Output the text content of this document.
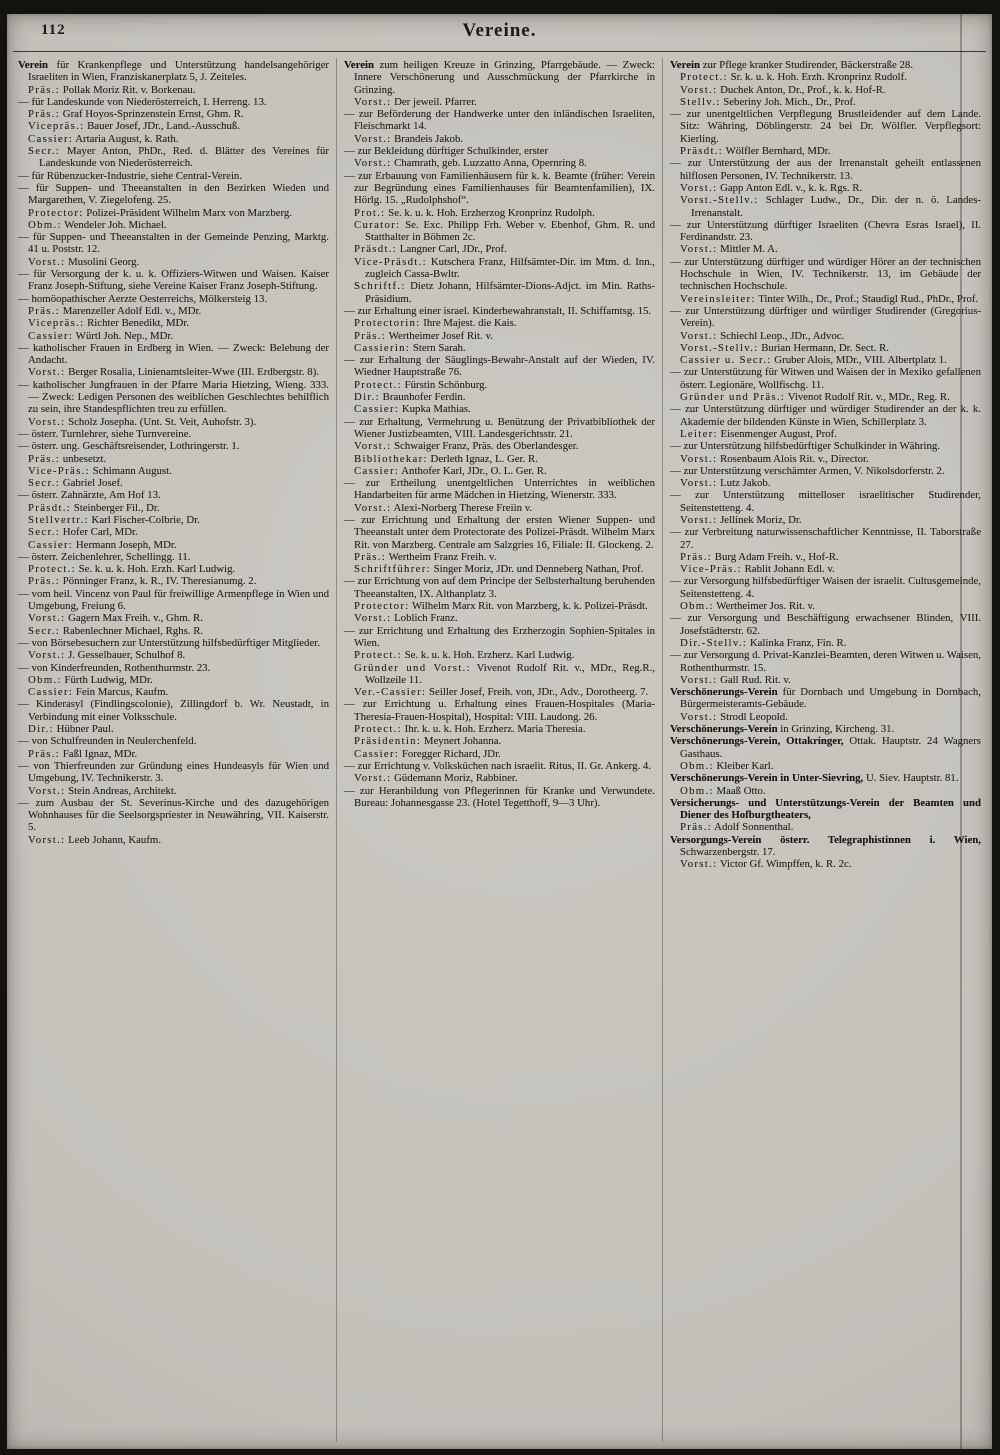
112	Vereine.

Verein für Krankenpflege und Unterstützung handelsangehöriger Israeliten in Wien, Franziskanerplatz 5, J. Zeiteles.

Präs.: Pollak Moriz Rit. v. Borkenau.

— für Landeskunde von Niederösterreich, I. Herreng. 13.

Präs.: Graf Hoyos-Sprinzenstein Ernst, Ghm. R.

Vicepräs.: Bauer Josef, JDr., Land.-Ausschuß.

Cassier: Artaria August, k. Rath.

Secr.: Mayer Anton, PhDr., Red. d. Blätter des Vereines für Landeskunde von Niederösterreich.

— für Rübenzucker-Industrie, siehe Central-Verein.

— für Suppen- und Theeanstalten in den Bezirken Wieden und Margarethen, V. Ziegelofeng. 25.

Protector: Polizei-Präsident Wilhelm Marx von Marzberg.

Obm.: Wendeler Joh. Michael.

— für Suppen- und Theeanstalten in der Gemeinde Penzing, Marktg. 41 u. Poststr. 12.

Vorst.: Musolini Georg.

— für Versorgung der k. u. k. Offiziers-Witwen und Waisen. Kaiser Franz Joseph-Stiftung, siehe Vereine Kaiser Franz Joseph-Stiftung.

— homöopathischer Aerzte Oesterreichs, Mölkersteig 13.

Präs.: Marenzeller Adolf Edl. v., MDr.

Vicepräs.: Richter Benedikt, MDr.

Cassier: Würtl Joh. Nep., MDr.

— katholischer Frauen in Erdberg in Wien. — Zweck: Belebung der Andacht.

Vorst.: Berger Rosalia, Linienamtsleiter-Wwe (III. Erdbergstr. 8).

— katholischer Jungfrauen in der Pfarre Maria Hietzing, Wieng. 333. — Zweck: Ledigen Personen des weiblichen Geschlechtes behilflich zu sein, ihre Standespflichten treu zu erfüllen.

Vorst.: Scholz Josepha. (Unt. St. Veit, Auhofstr. 3).

— österr. Turnlehrer, siehe Turnvereine.

— österr. ung. Geschäftsreisender, Lothringerstr. 1.

Präs.: unbesetzt.

Vice-Präs.: Schimann August.

Secr.: Gabriel Josef.

— österr. Zahnärzte, Am Hof 13.

Präsdt.: Steinberger Fil., Dr.

Stellvertr.: Karl Fischer-Colbrie, Dr.

Secr.: Hofer Carl, MDr.

Cassier: Hermann Joseph, MDr.

— österr. Zeichenlehrer, Schellingg. 11.

Protect.: Se. k. u. k. Hoh. Erzh. Karl Ludwig.

Präs.: Pönninger Franz, k. R., IV. Theresianumg. 2.

— vom heil. Vincenz von Paul für freiwillige Armenpflege in Wien und Umgebung, Freiung 6.

Vorst.: Gagern Max Freih. v., Ghm. R.

Secr.: Rabenlechner Michael, Rghs. R.

— von Börsebesuchern zur Unterstützung hilfsbedürftiger Mitglieder.

Vorst.: J. Gesselbauer, Schulhof 8.

— von Kinderfreunden, Rothenthurmstr. 23.

Obm.: Fürth Ludwig, MDr.

Cassier: Fein Marcus, Kaufm.

— Kinderasyl (Findlingscolonie), Zillingdorf b. Wr. Neustadt, in Verbindung mit einer Volksschule.

Dir.: Hübner Paul.

— von Schulfreunden in Neulerchenfeld.

Präs.: Faßl Ignaz, MDr.

— von Thierfreunden zur Gründung eines Hundeasyls für Wien und Umgebung, IV. Technikerstr. 3.

Vorst.: Stein Andreas, Architekt.

— zum Ausbau der St. Severinus-Kirche und des dazugehörigen Wohnhauses für die Seelsorgspriester in Neuwähring, VII. Kaiserstr. 5.

Vorst.: Leeb Johann, Kaufm.

Verein zum heiligen Kreuze in Grinzing, Pfarrgebäude. — Zweck: Innere Verschönerung und Ausschmückung der Pfarrkirche in Grinzing.

Vorst.: Der jeweil. Pfarrer.

— zur Beförderung der Handwerke unter den inländischen Israeliten, Fleischmarkt 14.

Vorst.: Brandeis Jakob.

— zur Bekleidung dürftiger Schulkinder, erster

Vorst.: Chamrath, geb. Luzzatto Anna, Opernring 8.

— zur Erbauung von Familienhäusern für k. k. Beamte (früher: Verein zur Begründung eines Familienhauses für Beamtenfamilien), IX. Hörlg. 15. „Rudolphshof“.

Prot.: Se. k. u. k. Hoh. Erzherzog Kronprinz Rudolph.

Curator: Se. Exc. Philipp Frh. Weber v. Ebenhof, Ghm. R. und Statthalter in Böhmen 2c.

Präsdt.: Langner Carl, JDr., Prof.

Vice-Präsdt.: Kutschera Franz, Hilfsämter-Dir. im Mtm. d. Inn., zugleich Cassa-Bwltr.

Schriftf.: Dietz Johann, Hilfsämter-Dions-Adjct. im Min. Raths-Präsidium.

— zur Erhaltung einer israel. Kinderbewahranstalt, II. Schiffamtsg. 15.

Protectorin: Ihre Majest. die Kais.

Präs.: Wertheimer Josef Rit. v.

Cassierin: Stern Sarah.

— zur Erhaltung der Säuglings-Bewahr-Anstalt auf der Wieden, IV. Wiedner Hauptstraße 76.

Protect.: Fürstin Schönburg.

Dir.: Braunhofer Ferdin.

Cassier: Kupka Mathias.

— zur Erhaltung, Vermehrung u. Benützung der Privatbibliothek der Wiener Justizbeamten, VIII. Landesgerichtsstr. 21.

Vorst.: Schwaiger Franz, Präs. des Oberlandesger.

Bibliothekar: Derleth Ignaz, L. Ger. R.

Cassier: Anthofer Karl, JDr., O. L. Ger. R.

— zur Ertheilung unentgeltlichen Unterrichtes in weiblichen Handarbeiten für arme Mädchen in Hietzing, Wienerstr. 333.

Vorst.: Alexi-Norberg Therese Freiin v.

— zur Errichtung und Erhaltung der ersten Wiener Suppen- und Theeanstalt unter dem Protectorate des Polizei-Präsdt. Wilhelm Marx Rit. von Marzberg. Centrale am Salzgries 16, Filiale: II. Glockeng. 2.

Präs.: Wertheim Franz Freih. v.

Schriftführer: Singer Moriz, JDr. und Denneberg Nathan, Prof.

— zur Errichtung von auf dem Principe der Selbsterhaltung beruhenden Theeanstalten, IX. Althanplatz 3.

Protector: Wilhelm Marx Rit. von Marzberg, k. k. Polizei-Präsdt.

Vorst.: Loblich Franz.

— zur Errichtung und Erhaltung des Erzherzogin Sophien-Spitales in Wien.

Protect.: Se. k. u. k. Hoh. Erzherz. Karl Ludwig.

Gründer und Vorst.: Vivenot Rudolf Rit. v., MDr., Reg.R., Wollzeile 11.

Ver.-Cassier: Seiller Josef, Freih. von, JDr., Adv., Dorotheerg. 7.

— zur Errichtung u. Erhaltung eines Frauen-Hospitales (Maria-Theresia-Frauen-Hospital), Hospital: VIII. Laudong. 26.

Protect.: Ihr. k. u. k. Hoh. Erzherz. Maria Theresia.

Präsidentin: Meynert Johanna.

Cassier: Foregger Richard, JDr.

— zur Errichtung v. Volksküchen nach israelit. Ritus, II. Gr. Ankerg. 4.

Vorst.: Güdemann Moriz, Rabbiner.

— zur Heranbildung von Pflegerinnen für Kranke und Verwundete. Bureau: Johannesgasse 23. (Hotel Tegetthoff, 9—3 Uhr).

Verein zur Pflege kranker Studirender, Bäckerstraße 28.

Protect.: Sr. k. u. k. Hoh. Erzh. Kronprinz Rudolf.

Vorst.: Duchek Anton, Dr., Prof., k. k. Hof-R.

Stellv.: Seberiny Joh. Mich., Dr., Prof.

— zur unentgeltlichen Verpflegung Brustleidender auf dem Lande. Sitz: Währing, Döblingerstr. 24 bei Dr. Wölfler. Verpflegsort: Kierling.

Präsdt.: Wölfler Bernhard, MDr.

— zur Unterstützung der aus der Irrenanstalt geheilt entlassenen hilflosen Personen, IV. Technikerstr. 13.

Vorst.: Gapp Anton Edl. v., k. k. Rgs. R.

Vorst.-Stellv.: Schlager Ludw., Dr., Dir. der n. ö. Landes-Irrenanstalt.

— zur Unterstützung dürftiger Israeliten (Chevra Esras Israel), II. Ferdinandstr. 23.

Vorst.: Mittler M. A.

— zur Unterstützung dürftiger und würdiger Hörer an der technischen Hochschule in Wien, IV. Technikerstr. 13, im Gebäude der technischen Hochschule.

Vereinsleiter: Tinter Wilh., Dr., Prof.; Staudigl Rud., PhDr., Prof.

— zur Unterstützung dürftiger und würdiger Studirender (Gregorius-Verein).

Vorst.: Schiechl Leop., JDr., Advoc.

Vorst.-Stellv.: Burian Hermann, Dr. Sect. R.

Cassier u. Secr.: Gruber Alois, MDr., VIII. Albertplatz 1.

— zur Unterstützung für Witwen und Waisen der in Mexiko gefallenen österr. Legionäre, Wollfischg. 11.

Gründer und Präs.: Vivenot Rudolf Rit. v., MDr., Reg. R.

— zur Unterstützung dürftiger und würdiger Studirender an der k. k. Akademie der bildenden Künste in Wien, Schillerplatz 3.

Leiter: Eisenmenger August, Prof.

— zur Unterstützung hilfsbedürftiger Schulkinder in Währing.

Vorst.: Rosenbaum Alois Rit. v., Director.

— zur Unterstützung verschämter Armen, V. Nikolsdorferstr. 2.

Vorst.: Lutz Jakob.

— zur Unterstützung mittelloser israelitischer Studirender, Seitenstetteng. 4.

Vorst.: Jellinek Moriz, Dr.

— zur Verbreitung naturwissenschaftlicher Kenntnisse, II. Taborstraße 27.

Präs.: Burg Adam Freih. v., Hof-R.

Vice-Präs.: Rablit Johann Edl. v.

— zur Versorgung hilfsbedürftiger Waisen der israelit. Cultusgemeinde, Seitenstetteng. 4.

Obm.: Wertheimer Jos. Rit. v.

— zur Versorgung und Beschäftigung erwachsener Blinden, VIII. Josefstädterstr. 62.

Dir.-Stellv.: Kalinka Franz, Fin. R.

— zur Versorgung d. Privat-Kanzlei-Beamten, deren Witwen u. Waisen, Rothenthurmstr. 15.

Vorst.: Gall Rud. Rit. v.

Verschönerungs-Verein für Dornbach und Umgebung in Dornbach, Bürgermeisteramts-Gebäude.

Vorst.: Strodl Leopold.

Verschönerungs-Verein in Grinzing, Kircheng. 31.

Verschönerungs-Verein, Ottakringer, Ottak. Hauptstr. 24 Wagners Gasthaus.

Obm.: Kleiber Karl.

Verschönerungs-Verein in Unter-Sievring, U. Siev. Hauptstr. 81.

Obm.: Maaß Otto.

Versicherungs- und Unterstützungs-Verein der Beamten und Diener des Hofburgtheaters,

Präs.: Adolf Sonnenthal.

Versorgungs-Verein österr. Telegraphistinnen i. Wien, Schwarzenbergstr. 17.

Vorst.: Victor Gf. Wimpffen, k. R. 2c.
